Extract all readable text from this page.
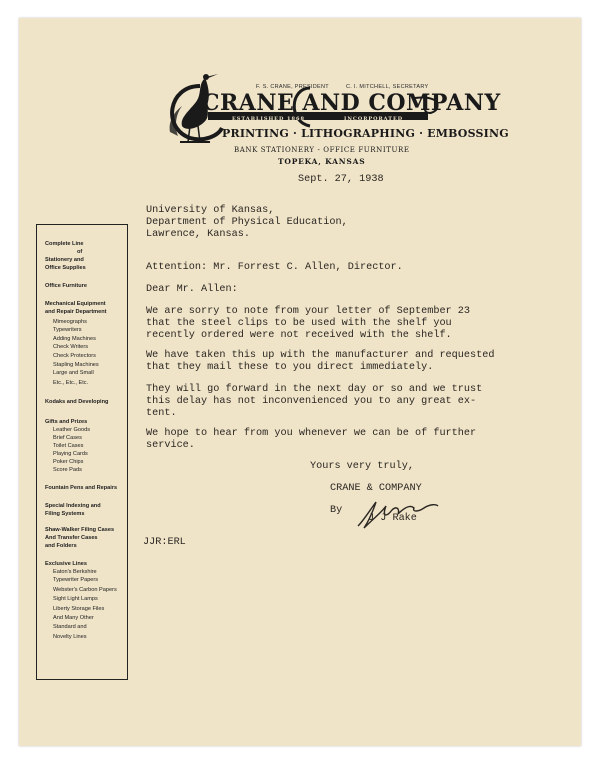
F. S. CRANE, PRESIDENT	C. I. MITCHELL, SECRETARY
CRANE AND COMPANY
ESTABLISHED 1868	INCORPORATED
PRINTING · LITHOGRAPHING · EMBOSSING
BANK STATIONERY - OFFICE FURNITURE
TOPEKA, KANSAS
Complete Line
of
Stationery and
Office Supplies
Office Furniture
Mechanical Equipment
and Repair Department
Mimeographs
Typewriters
Adding Machines
Check Writers
Check Protectors
Stapling Machines
Large and Small
Etc., Etc., Etc.
Kodaks and Developing
Gifts and Prizes
Leather Goods
Brief Cases
Toilet Cases
Playing Cards
Poker Chips
Score Pads
Fountain Pens and Repairs
Special Indexing and
Filing Systems
Shaw-Walker Filing Cases
And Transfer Cases
and Folders
Exclusive Lines
Eaton's Berkshire
Typewriter Papers
Webster's Carbon Papers
Sight Light Lamps
Liberty Storage Files
And Many Other
Standard and
Novelty Lines
Sept. 27, 1938
University of Kansas,
Department of Physical Education,
Lawrence, Kansas.
Attention: Mr. Forrest C. Allen, Director.
Dear Mr. Allen:
We are sorry to note from your letter of September 23
that the steel clips to be used with the shelf you
recently ordered were not received with the shelf.
We have taken this up with the manufacturer and requested
that they mail these to you direct immediately.
They will go forward in the next day or so and we trust
this delay has not inconvenienced you to any great ex-
tent.
We hope to hear from you whenever we can be of further
service.
Yours very truly,
CRANE & COMPANY
By
J J Rake
JJR:ERL
